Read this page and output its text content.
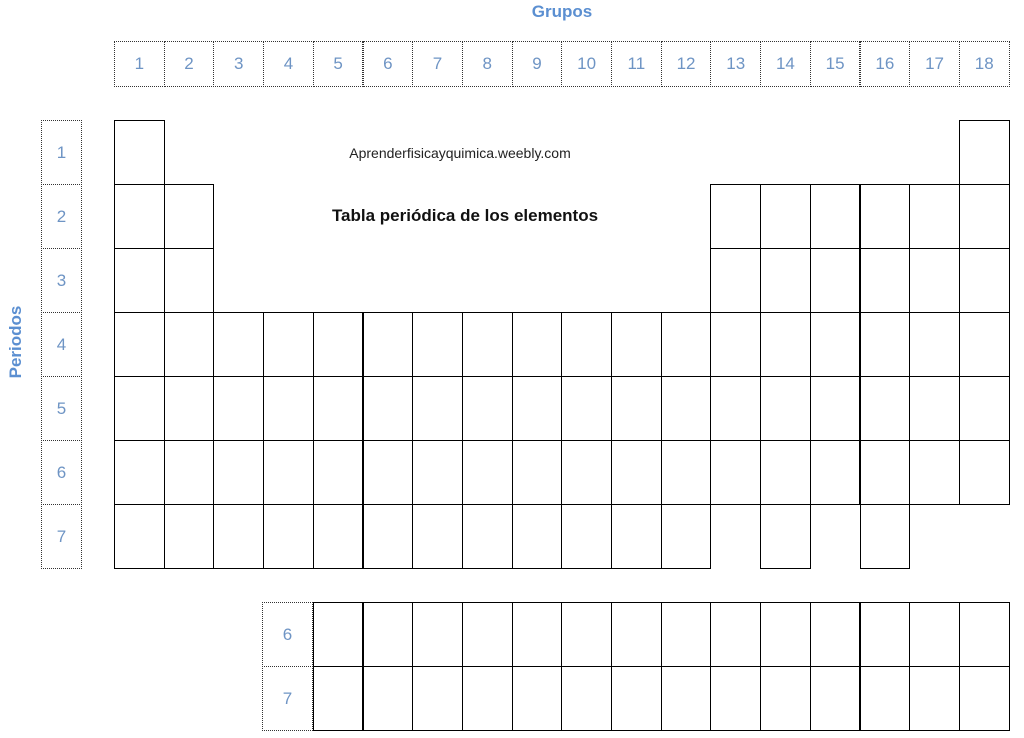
Grupos
Periodos
1	2	3	4	5	6	7	8	9	10	11	12	13	14	15	16	17	18
1
2
3
4
5
6
7
6
7
Aprenderfisicayquimica.weebly.com
Tabla periódica de los elementos
